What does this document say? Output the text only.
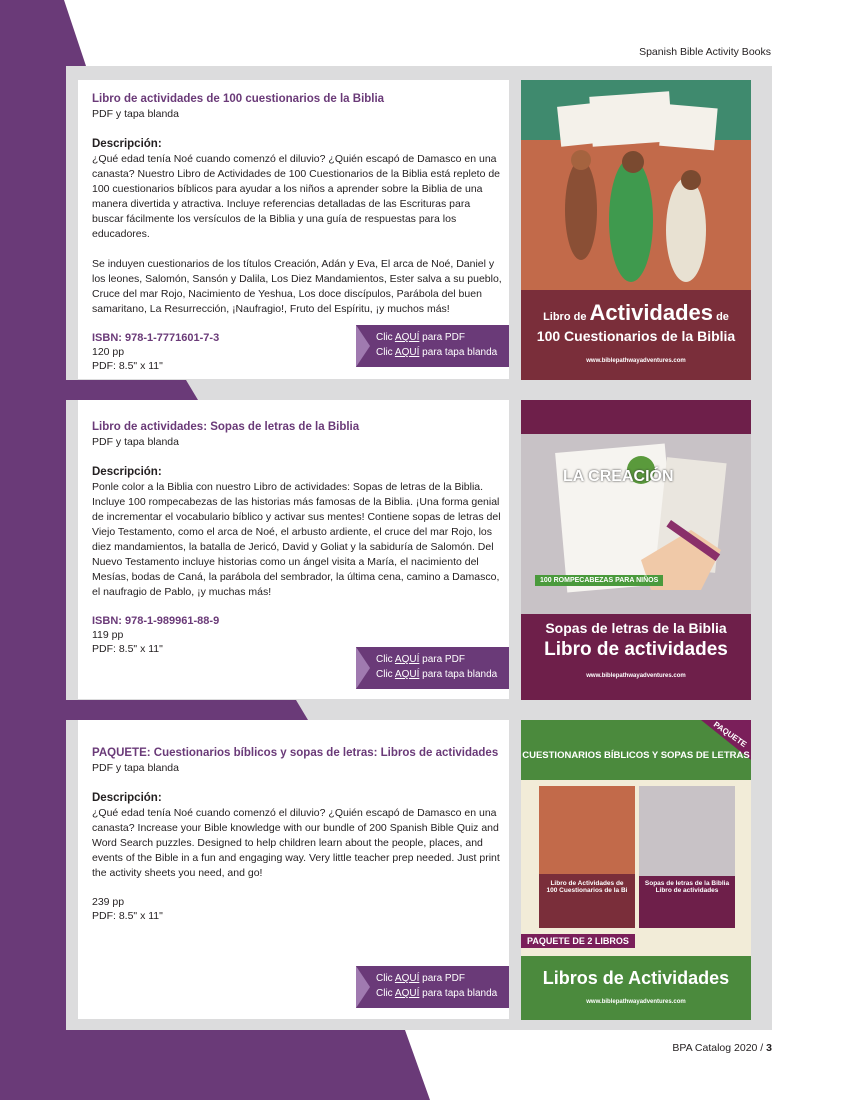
Spanish Bible Activity Books
Libro de actividades de 100 cuestionarios de la Biblia
PDF y tapa blanda
Descripción:
¿Qué edad tenía Noé cuando comenzó el diluvio? ¿Quién escapó de Damasco en una canasta? Nuestro Libro de Actividades de 100 Cuestionarios de la Biblia está repleto de 100 cuestionarios bíblicos para ayudar a los niños a aprender sobre la Biblia de una manera divertida y atractiva. Incluye referencias detalladas de las Escrituras para buscar fácilmente los versículos de la Biblia y una guía de respuestas para los educadores.
Se induyen cuestionarios de los títulos Creación, Adán y Eva, El arca de Noé, Daniel y los leones, Salomón, Sansón y Dalila, Los Diez Mandamientos, Ester salva a su pueblo, Cruce del mar Rojo, Nacimiento de Yeshua, Los doce discípulos, Parábola del buen samaritano, La Resurrección, ¡Naufragio!, Fruto del Espíritu, ¡y muchos más!
ISBN: 978-1-7771601-7-3
120 pp
PDF: 8.5" x 11"
Clic AQUÍ para PDF
Clic AQUÍ para tapa blanda
Libro de Actividades de
100 Cuestionarios de la Biblia
www.biblepathwayadventures.com
Libro de actividades: Sopas de letras de la Biblia
PDF y tapa blanda
Descripción:
Ponle color a la Biblia con nuestro Libro de actividades: Sopas de letras de la Biblia. Incluye 100 rompecabezas de las historias más famosas de la Biblia. ¡Una forma genial de incrementar el vocabulario bíblico y activar sus mentes! Contiene sopas de letras del Viejo Testamento, como el arca de Noé, el arbusto ardiente, el cruce del mar Rojo, los diez mandamientos, la batalla de Jericó, David y Goliat y la sabiduría de Salomón. Del Nuevo Testamento incluye historias como un ángel visita a María, el nacimiento del Mesías, bodas de Caná, la parábola del sembrador, la última cena, camino a Damasco, el naufragio de Pablo, ¡y muchas más!
ISBN: 978-1-989961-88-9
119 pp
PDF: 8.5" x 11"
Clic AQUÍ para PDF
Clic AQUÍ para tapa blanda
LA CREACIÓN
100 ROMPECABEZAS PARA NIÑOS
Sopas de letras de la Biblia
Libro de actividades
www.biblepathwayadventures.com
PAQUETE: Cuestionarios bíblicos y sopas de letras: Libros de actividades
PDF y tapa blanda
Descripción:
¿Qué edad tenía Noé cuando comenzó el diluvio? ¿Quién escapó de Damasco en una canasta? Increase your Bible knowledge with our bundle of 200 Spanish Bible Quiz and Word Search puzzles. Designed to help children learn about the people, places, and events of the Bible in a fun and engaging way. Very little teacher prep needed. Just print the activity sheets you need, and go!
239 pp
PDF: 8.5" x 11"
Clic AQUÍ para PDF
Clic AQUÍ para tapa blanda
PAQUETE
CUESTIONARIOS BÍBLICOS Y SOPAS DE LETRAS
Libro de Actividades de
100 Cuestionarios de la Bi
Sopas de letras de la Biblia
Libro de actividades
PAQUETE DE 2 LIBROS
Libros de Actividades
www.biblepathwayadventures.com
BPA Catalog 2020 / 3
